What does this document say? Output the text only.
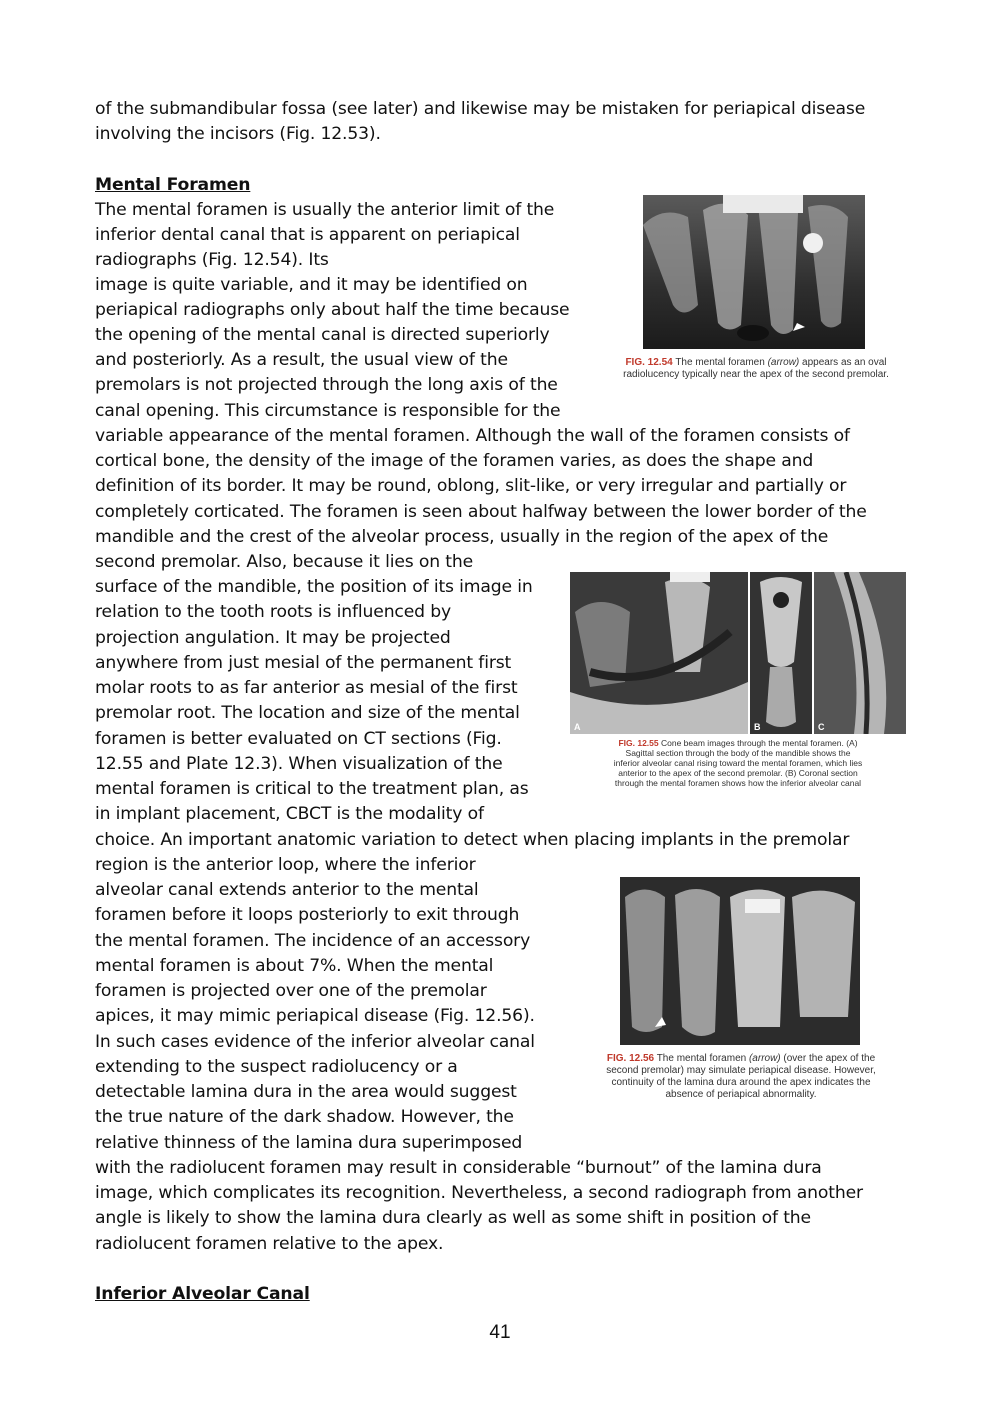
of the submandibular fossa (see later) and likewise may be mistaken for periapical disease
involving the incisors (Fig. 12.53).
Mental Foramen
The mental foramen is usually the anterior limit of the
inferior dental canal that is apparent on periapical
radiographs (Fig. 12.54). Its
image is quite variable, and it may be identified on
periapical radiographs only about half the time because
the opening of the mental canal is directed superiorly
and posteriorly. As a result, the usual view of the
premolars is not projected through the long axis of the
canal opening. This circumstance is responsible for the
variable appearance of the mental foramen. Although the wall of the foramen consists of
cortical bone, the density of the image of the foramen varies, as does the shape and
definition of its border. It may be round, oblong, slit-like, or very irregular and partially or
completely corticated. The foramen is seen about halfway between the lower border of the
mandible and the crest of the alveolar process, usually in the region of the apex of the
second premolar. Also, because it lies on the
surface of the mandible, the position of its image in
relation to the tooth roots is influenced by
projection angulation. It may be projected
anywhere from just mesial of the permanent first
molar roots to as far anterior as mesial of the first
premolar root. The location and size of the mental
foramen is better evaluated on CT sections (Fig.
12.55 and Plate 12.3). When visualization of the
mental foramen is critical to the treatment plan, as
in implant placement, CBCT is the modality of
choice. An important anatomic variation to detect when placing implants in the premolar
region is the anterior loop, where the inferior
alveolar canal extends anterior to the mental
foramen before it loops posteriorly to exit through
the mental foramen. The incidence of an accessory
mental foramen is about 7%. When the mental
foramen is projected over one of the premolar
apices, it may mimic periapical disease (Fig. 12.56).
In such cases evidence of the inferior alveolar canal
extending to the suspect radiolucency or a
detectable lamina dura in the area would suggest
the true nature of the dark shadow. However, the
relative thinness of the lamina dura superimposed
with the radiolucent foramen may result in considerable “burnout” of the lamina dura
image, which complicates its recognition. Nevertheless, a second radiograph from another
angle is likely to show the lamina dura clearly as well as some shift in position of the
radiolucent foramen relative to the apex.
Inferior Alveolar Canal
FIG. 12.54 The mental foramen (arrow) appears as an oval
radiolucency typically near the apex of the second premolar.
A	B	C
FIG. 12.55 Cone beam images through the mental foramen. (A)
Sagittal section through the body of the mandible shows the
inferior alveolar canal rising toward the mental foramen, which lies
anterior to the apex of the second premolar. (B) Coronal section
through the mental foramen shows how the inferior alveolar canal
FIG. 12.56 The mental foramen (arrow) (over the apex of the
second premolar) may simulate periapical disease. However,
continuity of the lamina dura around the apex indicates the
absence of periapical abnormality.
41
